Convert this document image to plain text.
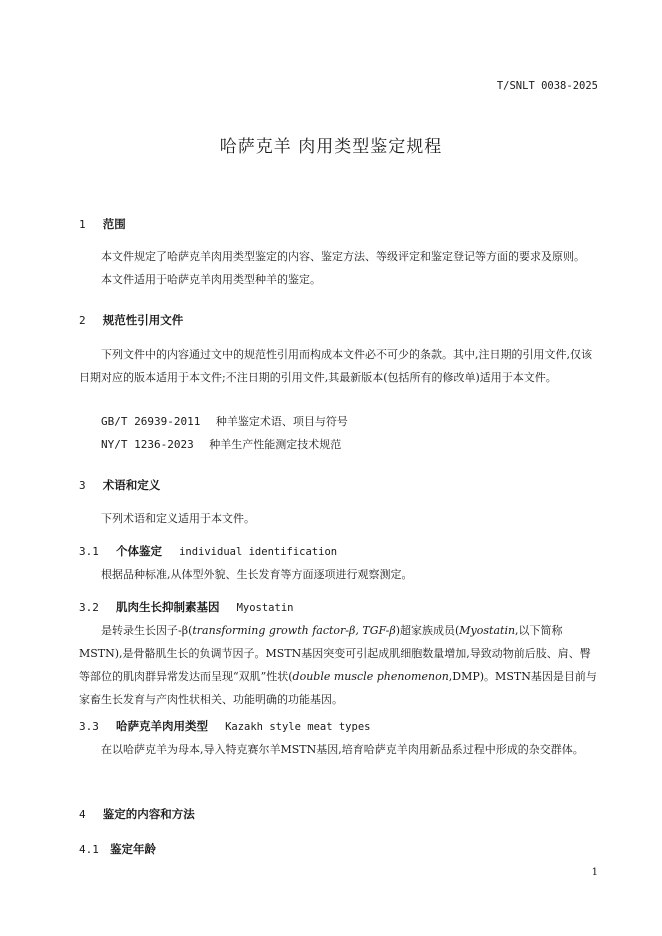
T/SNLT 0038-2025
哈萨克羊 肉用类型鉴定规程
1 范围
本文件规定了哈萨克羊肉用类型鉴定的内容、鉴定方法、等级评定和鉴定登记等方面的要求及原则。
本文件适用于哈萨克羊肉用类型种羊的鉴定。
2 规范性引用文件
下列文件中的内容通过文中的规范性引用而构成本文件必不可少的条款。其中,注日期的引用文件,仅该日期对应的版本适用于本文件;不注日期的引用文件,其最新版本(包括所有的修改单)适用于本文件。
GB/T 26939-2011 种羊鉴定术语、项目与符号
NY/T 1236-2023 种羊生产性能测定技术规范
3 术语和定义
下列术语和定义适用于本文件。
3.1 个体鉴定 individual identification
根据品种标准,从体型外貌、生长发育等方面逐项进行观察测定。
3.2 肌肉生长抑制素基因 Myostatin
是转录生长因子-β(transforming growth factor-β, TGF-β)超家族成员(Myostatin,以下简称MSTN),是骨骼肌生长的负调节因子。MSTN基因突变可引起成肌细胞数量增加,导致动物前后肢、肩、臀等部位的肌肉群异常发达而呈现“双肌”性状(double muscle phenomenon,DMP)。MSTN基因是目前与家畜生长发育与产肉性状相关、功能明确的功能基因。
3.3 哈萨克羊肉用类型 Kazakh style meat types
在以哈萨克羊为母本,导入特克赛尔羊MSTN基因,培育哈萨克羊肉用新品系过程中形成的杂交群体。
4 鉴定的内容和方法
4.1 鉴定年龄
1
